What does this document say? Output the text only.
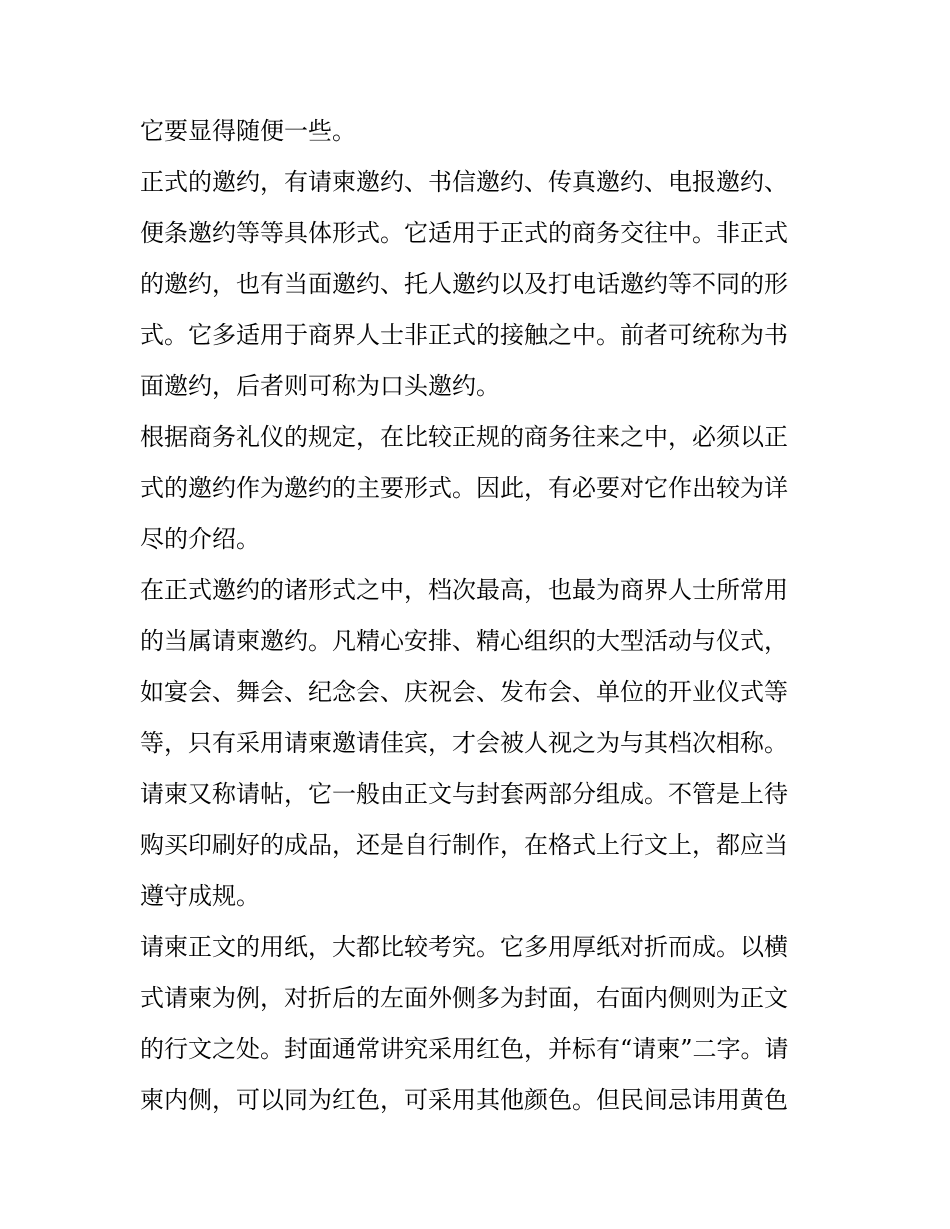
它要显得随便一些。
正式的邀约，有请柬邀约、书信邀约、传真邀约、电报邀约、
便条邀约等等具体形式。它适用于正式的商务交往中。非正式
的邀约，也有当面邀约、托人邀约以及打电话邀约等不同的形
式。它多适用于商界人士非正式的接触之中。前者可统称为书
面邀约，后者则可称为口头邀约。
根据商务礼仪的规定，在比较正规的商务往来之中，必须以正
式的邀约作为邀约的主要形式。因此，有必要对它作出较为详
尽的介绍。
在正式邀约的诸形式之中，档次最高，也最为商界人士所常用
的当属请柬邀约。凡精心安排、精心组织的大型活动与仪式，
如宴会、舞会、纪念会、庆祝会、发布会、单位的开业仪式等
等，只有采用请柬邀请佳宾，才会被人视之为与其档次相称。
请柬又称请帖，它一般由正文与封套两部分组成。不管是上待
购买印刷好的成品，还是自行制作，在格式上行文上，都应当
遵守成规。
请柬正文的用纸，大都比较考究。它多用厚纸对折而成。以横
式请柬为例，对折后的左面外侧多为封面，右面内侧则为正文
的行文之处。封面通常讲究采用红色，并标有“请柬”二字。请
柬内侧，可以同为红色，可采用其他颜色。但民间忌讳用黄色
